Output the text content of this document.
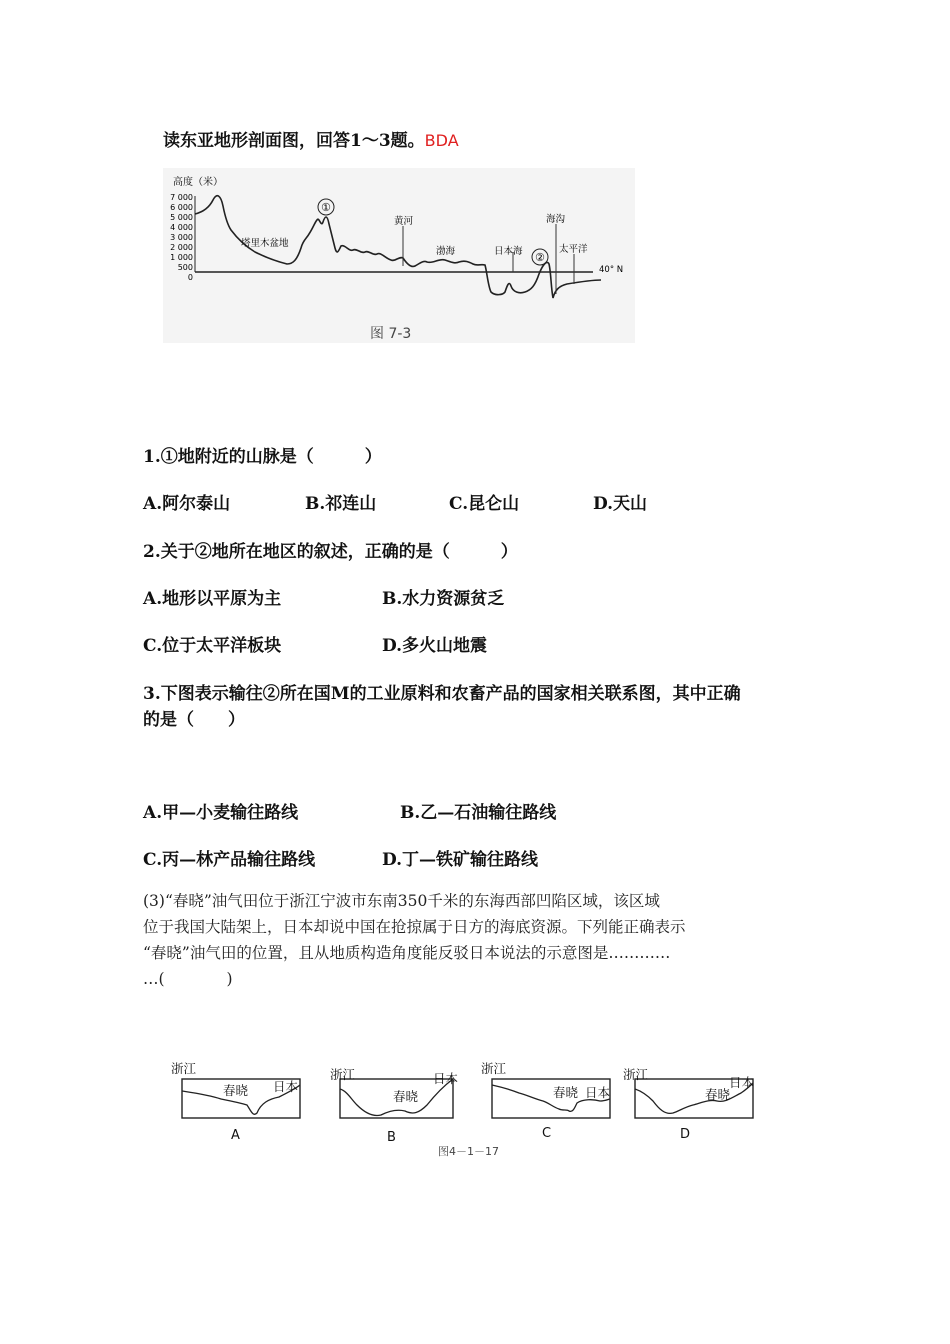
读东亚地形剖面图，回答1～3题。BDA
高度（米）
7 000
6 000
5 000
4 000
3 000
2 000
1 000
500
0
塔里木盆地
①
黄河
渤海	日本海 ②
海沟
太平洋
40° N
图 7-3
1.①地附近的山脉是（　　　）
A.阿尔泰山	B.祁连山	C.昆仑山	D.天山
2.关于②地所在地区的叙述，正确的是（　　　）
A.地形以平原为主	B.水力资源贫乏
C.位于太平洋板块	D.多火山地震
3.下图表示输往②所在国M的工业原料和农畜产品的国家相关联系图，其中正确
的是（　　）
A.甲—小麦输往路线	B.乙—石油输往路线
C.丙—林产品输往路线	D.丁—铁矿输往路线
(3)“春晓”油气田位于浙江宁波市东南350千米的东海西部凹陷区域，该区域
位于我国大陆架上，日本却说中国在抢掠属于日方的海底资源。下列能正确表示
“春晓”油气田的位置，且从地质构造角度能反驳日本说法的示意图是…………
…(　　　　)
浙江
春晓 日本
A
浙江
春晓
日本
B
浙江
春晓 日本
C
浙江
春晓
日本
D
图4－1－17
